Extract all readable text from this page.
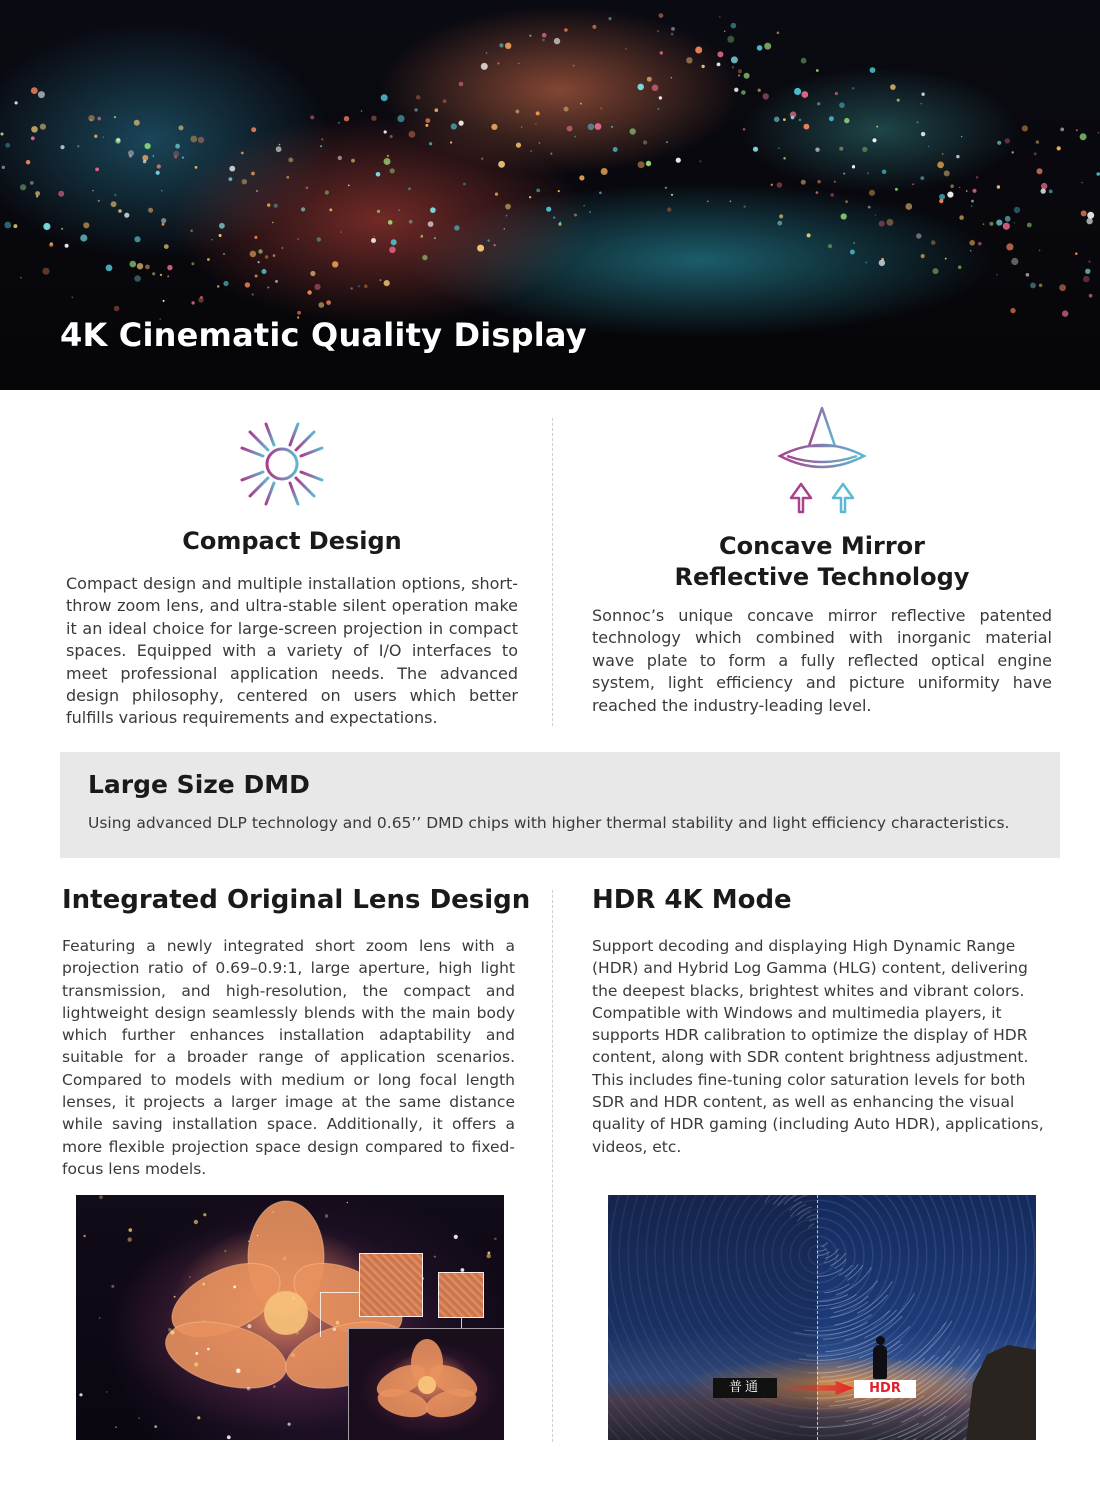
4K Cinematic Quality Display
Compact Design
Compact design and multiple installation options, short-throw zoom lens, and ultra-stable silent operation make it an ideal choice for large-screen projection in compact spaces. Equipped with a variety of I/O interfaces to meet professional application needs. The advanced design philosophy, centered on users which better fulfills various requirements and expectations.
Concave Mirror
Reflective Technology
Sonnoc’s unique concave mirror reflective patented technology which combined with inorganic material wave plate to form a fully reflected optical engine system, light efficiency and picture uniformity have reached the industry-leading level.
Large Size DMD
Using advanced DLP technology and 0.65’’ DMD chips with higher thermal stability and light efficiency characteristics.
Integrated Original Lens Design
Featuring a newly integrated short zoom lens with a projection ratio of 0.69–0.9:1, large aperture, high light transmission, and high-resolution, the compact and lightweight design seamlessly blends with the main body which further enhances installation adaptability and suitable for a broader range of application scenarios. Compared to models with medium or long focal length lenses, it projects a larger image at the same distance while saving installation space. Additionally, it offers a more flexible projection space design compared to fixed-focus lens models.
HDR 4K Mode
Support decoding and displaying High Dynamic Range (HDR) and Hybrid Log Gamma (HLG) content, delivering the deepest blacks, brightest whites and vibrant colors. Compatible with Windows and multimedia players, it supports HDR calibration to optimize the display of HDR content, along with SDR content brightness adjustment. This includes fine-tuning color saturation levels for both SDR and HDR content, as well as enhancing the visual quality of HDR gaming (including Auto HDR), applications, videos, etc.
普通	HDR
